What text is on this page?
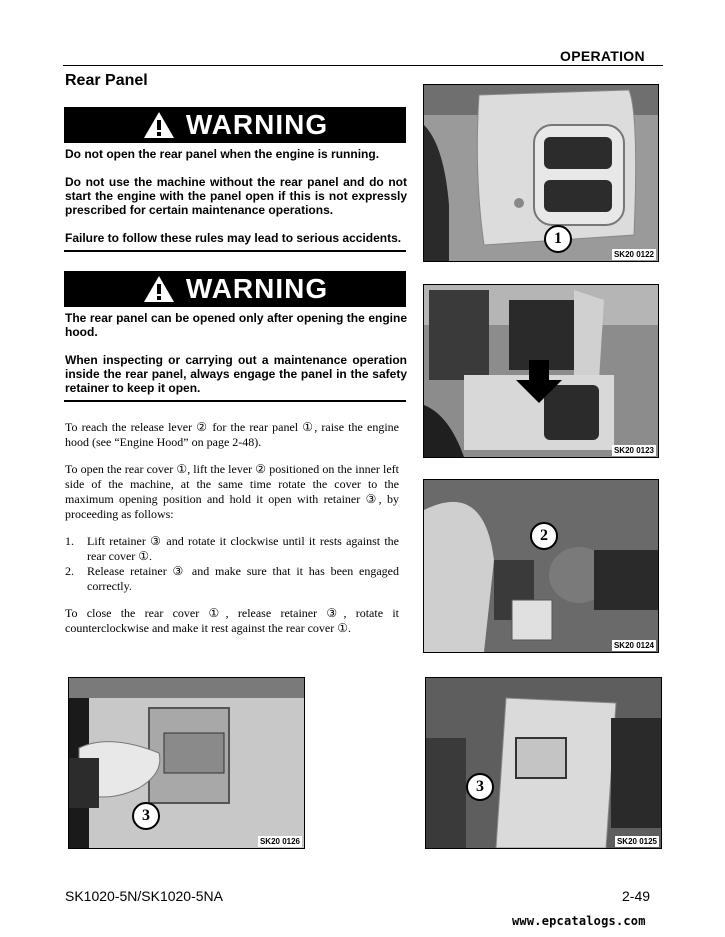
OPERATION
Rear Panel
WARNING

Do not open the rear panel when the engine is running.

Do not use the machine without the rear panel and do not start the engine with the panel open if this is not expressly prescribed for certain maintenance operations.

Failure to follow these rules may lead to serious accidents.

WARNING

The rear panel can be opened only after opening the engine hood.

When inspecting or carrying out a maintenance operation inside the rear panel, always engage the panel in the safety retainer to keep it open.

To reach the release lever ② for the rear panel ①, raise the engine hood (see “Engine Hood” on page 2-48).

To open the rear cover ①, lift the lever ② positioned on the inner left side of the machine, at the same time rotate the cover to the maximum opening position and hold it open with retainer ③, by proceeding as follows:

1.	Lift retainer ③ and rotate it clockwise until it rests against the rear cover ①.
2.	Release retainer ③ and make sure that it has been engaged correctly.

To close the rear cover ①, release retainer ③, rotate it counterclockwise and make it rest against the rear cover ①.

1
SK20 0122
SK20 0123
2
SK20 0124
3
SK20 0126
3
SK20 0125
SK1020-5N/SK1020-5NA	2-49
www.epcatalogs.com
